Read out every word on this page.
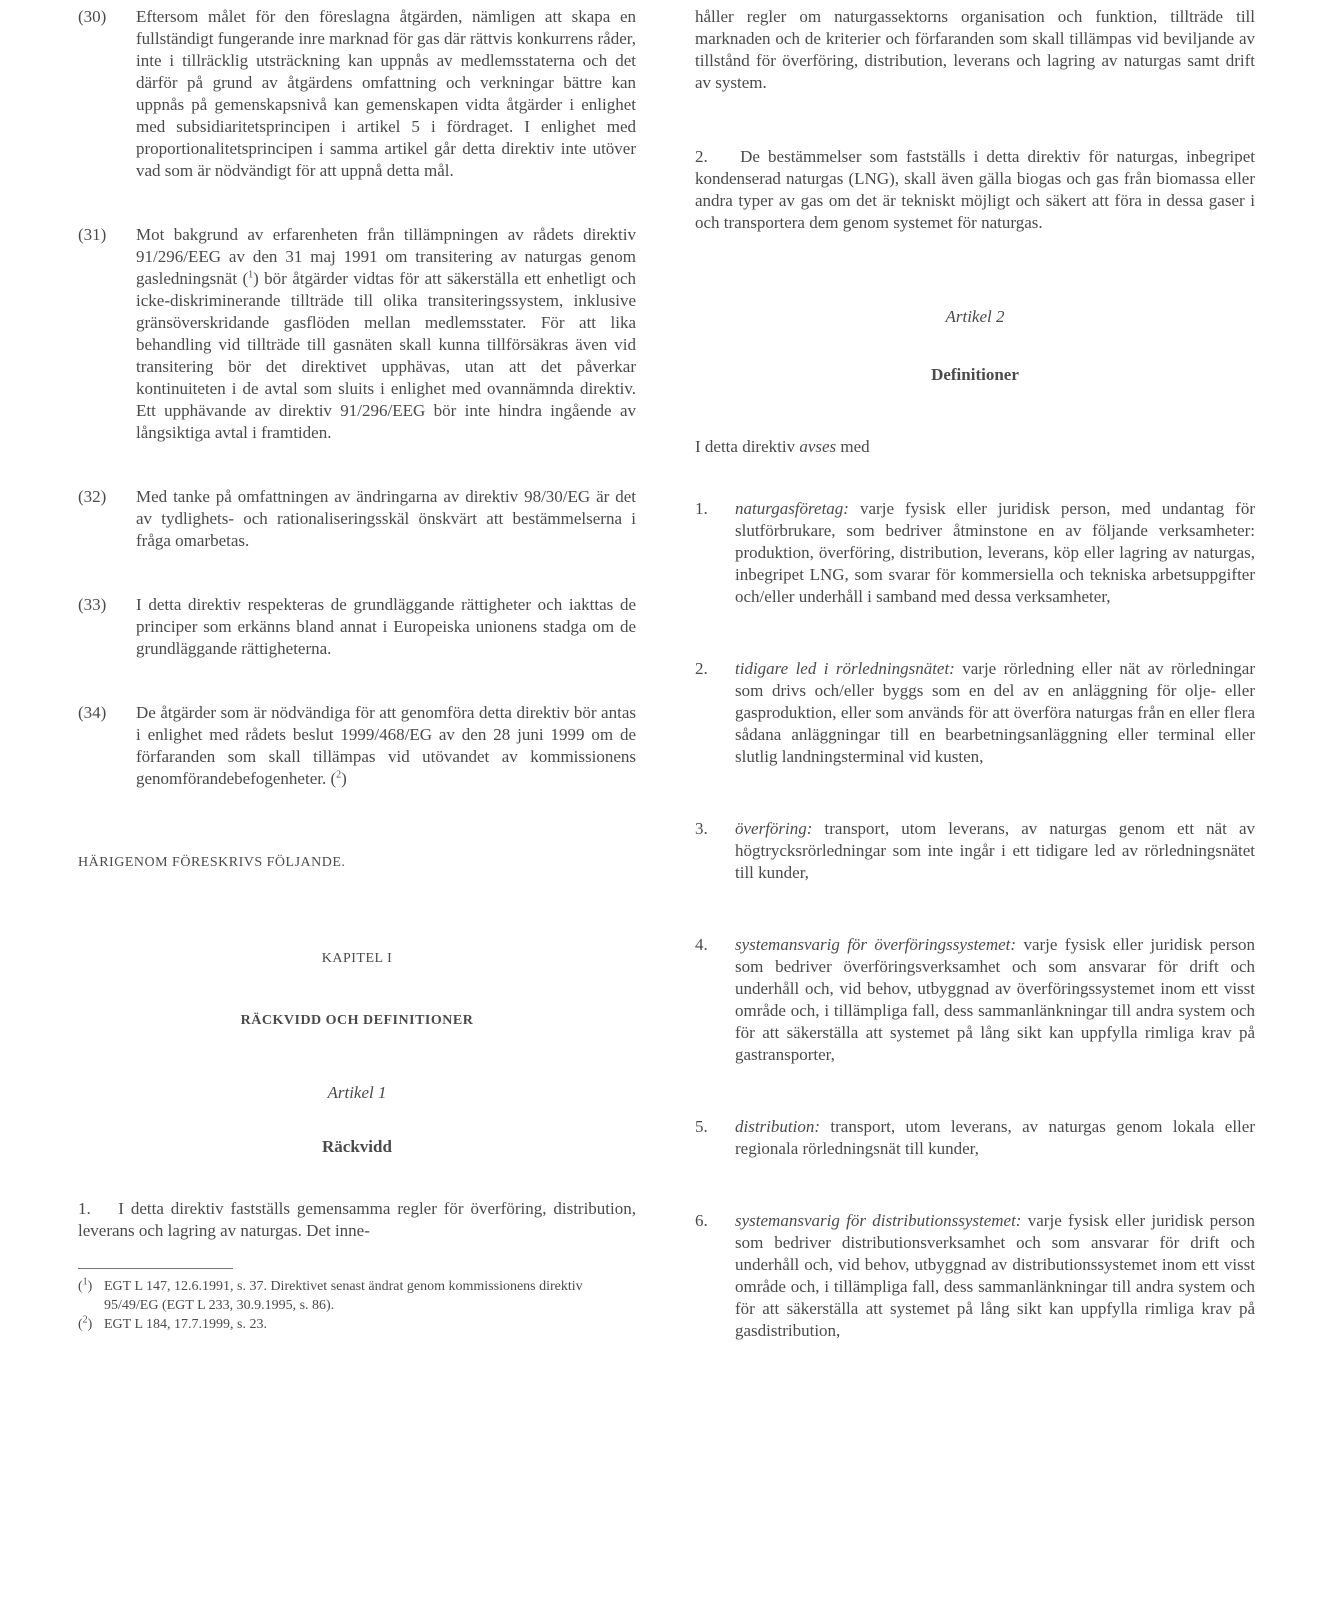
(30)	Eftersom målet för den föreslagna åtgärden, nämligen att skapa en fullständigt fungerande inre marknad för gas där rättvis konkurrens råder, inte i tillräcklig utsträckning kan uppnås av medlemsstaterna och det därför på grund av åtgärdens omfattning och verkningar bättre kan uppnås på gemenskapsnivå kan gemenskapen vidta åtgärder i enlighet med subsidiaritetsprincipen i artikel 5 i fördraget. I enlighet med proportionalitetsprincipen i samma artikel går detta direktiv inte utöver vad som är nödvändigt för att uppnå detta mål.
(31)	Mot bakgrund av erfarenheten från tillämpningen av rådets direktiv 91/296/EEG av den 31 maj 1991 om transitering av naturgas genom gasledningsnät ($^1$) bör åtgärder vidtas för att säkerställa ett enhetligt och icke-diskriminerande tillträde till olika transiteringssystem, inklusive gränsöverskridande gasflöden mellan medlemsstater. För att lika behandling vid tillträde till gasnäten skall kunna tillförsäkras även vid transitering bör det direktivet upphävas, utan att det påverkar kontinuiteten i de avtal som sluits i enlighet med ovannämnda direktiv. Ett upphävande av direktiv 91/296/EEG bör inte hindra ingående av långsiktiga avtal i framtiden.
(32)	Med tanke på omfattningen av ändringarna av direktiv 98/30/EG är det av tydlighets- och rationaliseringsskäl önskvärt att bestämmelserna i fråga omarbetas.
(33)	I detta direktiv respekteras de grundläggande rättigheter och iakttas de principer som erkänns bland annat i Europeiska unionens stadga om de grundläggande rättigheterna.
(34)	De åtgärder som är nödvändiga för att genomföra detta direktiv bör antas i enlighet med rådets beslut 1999/468/EG av den 28 juni 1999 om de förfaranden som skall tillämpas vid utövandet av kommissionens genomförandebefogenheter. ($^2$)

HÄRIGENOM FÖRESKRIVS FÖLJANDE.

KAPITEL I

RÄCKVIDD OCH DEFINITIONER

Artikel 1

Räckvidd

1. I detta direktiv fastställs gemensamma regler för överföring, distribution, leverans och lagring av naturgas. Det inne-

($^1$) EGT L 147, 12.6.1991, s. 37. Direktivet senast ändrat genom kommissionens direktiv 95/49/EG (EGT L 233, 30.9.1995, s. 86).
($^2$) EGT L 184, 17.7.1999, s. 23.

håller regler om naturgassektorns organisation och funktion, tillträde till marknaden och de kriterier och förfaranden som skall tillämpas vid beviljande av tillstånd för överföring, distribution, leverans och lagring av naturgas samt drift av system.

2. De bestämmelser som fastställs i detta direktiv för naturgas, inbegripet kondenserad naturgas (LNG), skall även gälla biogas och gas från biomassa eller andra typer av gas om det är tekniskt möjligt och säkert att föra in dessa gaser i och transportera dem genom systemet för naturgas.

Artikel 2

Definitioner

I detta direktiv avses med

1.	naturgasföretag: varje fysisk eller juridisk person, med undantag för slutförbrukare, som bedriver åtminstone en av följande verksamheter: produktion, överföring, distribution, leverans, köp eller lagring av naturgas, inbegripet LNG, som svarar för kommersiella och tekniska arbetsuppgifter och/eller underhåll i samband med dessa verksamheter,
2.	tidigare led i rörledningsnätet: varje rörledning eller nät av rörledningar som drivs och/eller byggs som en del av en anläggning för olje- eller gasproduktion, eller som används för att överföra naturgas från en eller flera sådana anläggningar till en bearbetningsanläggning eller terminal eller slutlig landningsterminal vid kusten,
3.	överföring: transport, utom leverans, av naturgas genom ett nät av högtrycksrörledningar som inte ingår i ett tidigare led av rörledningsnätet till kunder,
4.	systemansvarig för överföringssystemet: varje fysisk eller juridisk person som bedriver överföringsverksamhet och som ansvarar för drift och underhåll och, vid behov, utbyggnad av överföringssystemet inom ett visst område och, i tillämpliga fall, dess sammanlänkningar till andra system och för att säkerställa att systemet på lång sikt kan uppfylla rimliga krav på gastransporter,
5.	distribution: transport, utom leverans, av naturgas genom lokala eller regionala rörledningsnät till kunder,
6.	systemansvarig för distributionssystemet: varje fysisk eller juridisk person som bedriver distributionsverksamhet och som ansvarar för drift och underhåll och, vid behov, utbyggnad av distributionssystemet inom ett visst område och, i tillämpliga fall, dess sammanlänkningar till andra system och för att säkerställa att systemet på lång sikt kan uppfylla rimliga krav på gasdistribution,
